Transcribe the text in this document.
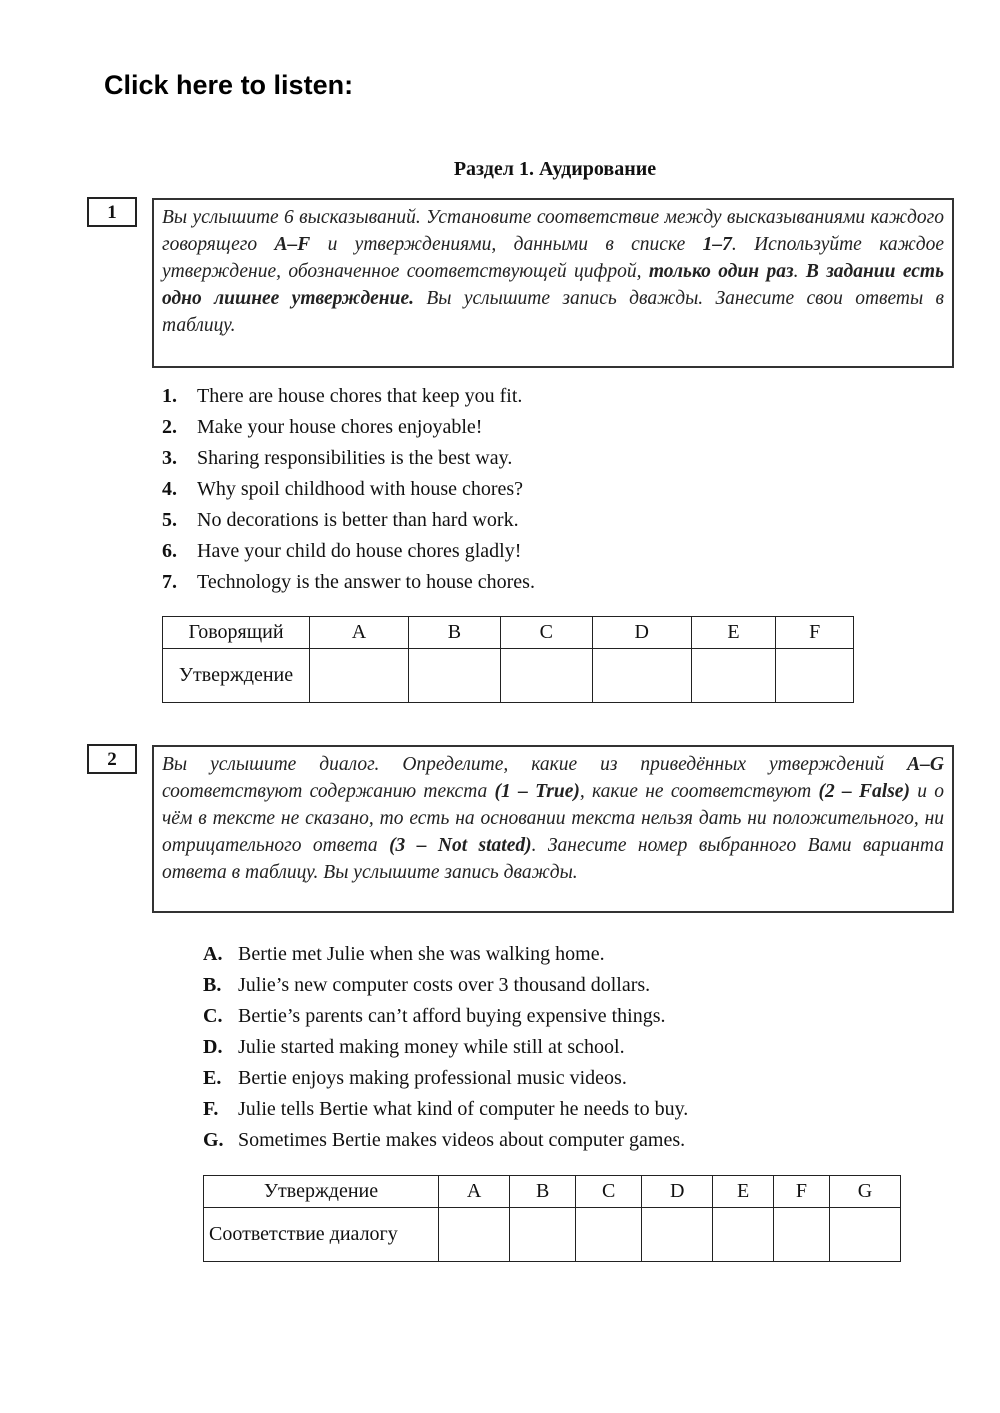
Click here to listen:
Раздел 1. Аудирование
1	Вы услышите 6 высказываний. Установите соответствие между высказываниями каждого говорящего A–F и утверждениями, данными в списке 1–7. Используйте каждое утверждение, обозначенное соответствующей цифрой, только один раз. В задании есть одно лишнее утверждение. Вы услышите запись дважды. Занесите свои ответы в таблицу.
1. There are house chores that keep you fit.
2. Make your house chores enjoyable!
3. Sharing responsibilities is the best way.
4. Why spoil childhood with house chores?
5. No decorations is better than hard work.
6. Have your child do house chores gladly!
7. Technology is the answer to house chores.
Говорящий	A	B	C	D	E	F
Утверждение						
2	Вы услышите диалог. Определите, какие из приведённых утверждений A–G соответствуют содержанию текста (1 – True), какие не соответствуют (2 – False) и о чём в тексте не сказано, то есть на основании текста нельзя дать ни положительного, ни отрицательного ответа (3 – Not stated). Занесите номер выбранного Вами варианта ответа в таблицу. Вы услышите запись дважды.
A. Bertie met Julie when she was walking home.
B. Julie’s new computer costs over 3 thousand dollars.
C. Bertie’s parents can’t afford buying expensive things.
D. Julie started making money while still at school.
E. Bertie enjoys making professional music videos.
F. Julie tells Bertie what kind of computer he needs to buy.
G. Sometimes Bertie makes videos about computer games.
Утверждение	A	B	C	D	E	F	G
Соответствие диалогу							
